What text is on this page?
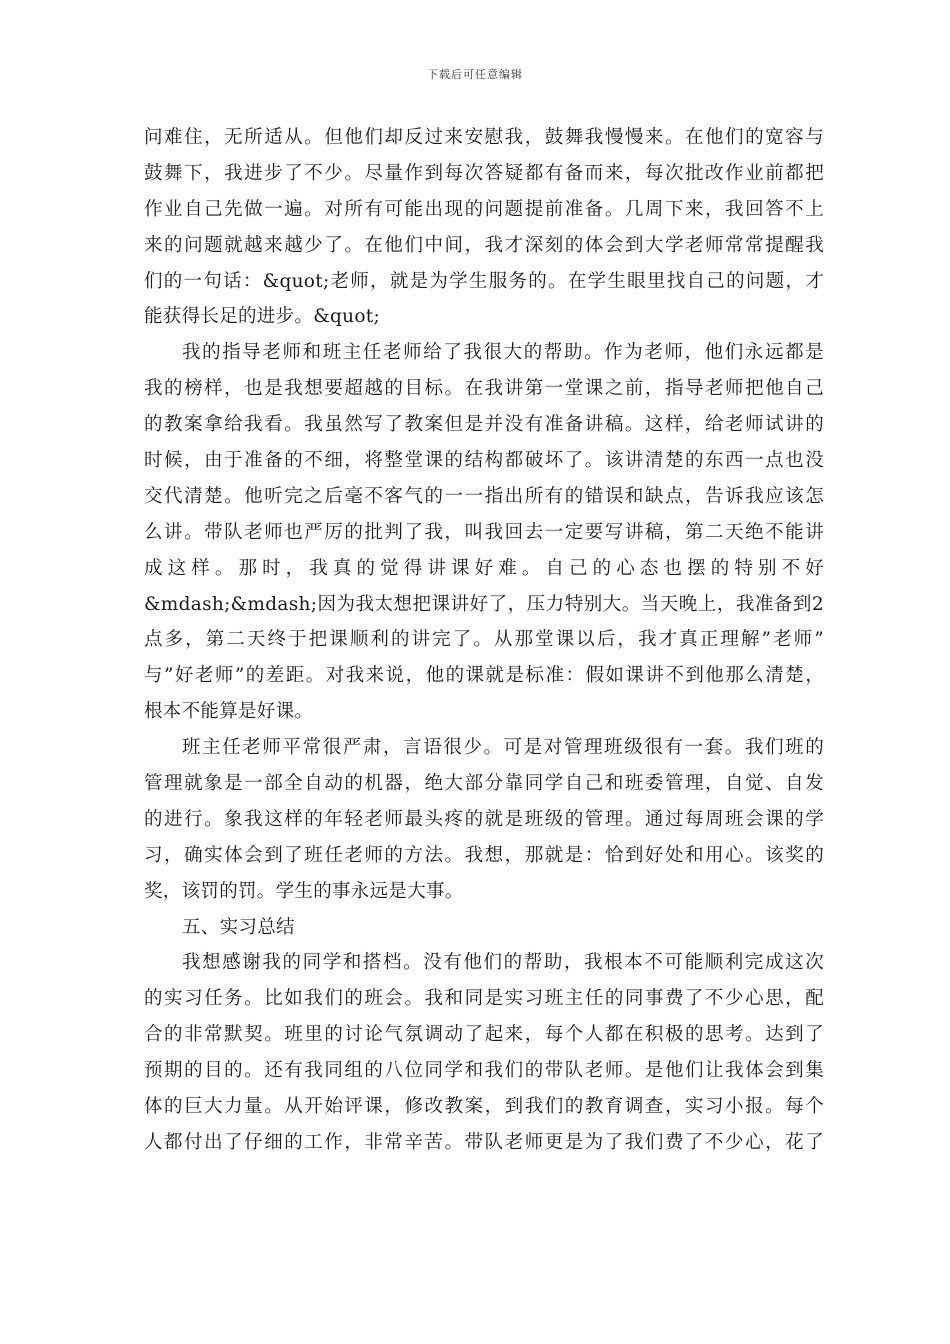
下载后可任意编辑
问难住，无所适从。但他们却反过来安慰我，鼓舞我慢慢来。在他们的宽容与
鼓舞下，我进步了不少。尽量作到每次答疑都有备而来，每次批改作业前都把
作业自己先做一遍。对所有可能出现的问题提前准备。几周下来，我回答不上
来的问题就越来越少了。在他们中间，我才深刻的体会到大学老师常常提醒我
们的一句话：&quot;老师，就是为学生服务的。在学生眼里找自己的问题，才
能获得长足的进步。&quot;
我的指导老师和班主任老师给了我很大的帮助。作为老师，他们永远都是
我的榜样，也是我想要超越的目标。在我讲第一堂课之前，指导老师把他自己
的教案拿给我看。我虽然写了教案但是并没有准备讲稿。这样，给老师试讲的
时候，由于准备的不细，将整堂课的结构都破坏了。该讲清楚的东西一点也没
交代清楚。他听完之后毫不客气的一一指出所有的错误和缺点，告诉我应该怎
么讲。带队老师也严厉的批判了我，叫我回去一定要写讲稿，第二天绝不能讲
成这样。那时，我真的觉得讲课好难。自己的心态也摆的特别不好
&mdash;&mdash;因为我太想把课讲好了，压力特别大。当天晚上，我准备到2
点多，第二天终于把课顺利的讲完了。从那堂课以后，我才真正理解”老师”
与”好老师”的差距。对我来说，他的课就是标准：假如课讲不到他那么清楚，
根本不能算是好课。
班主任老师平常很严肃，言语很少。可是对管理班级很有一套。我们班的
管理就象是一部全自动的机器，绝大部分靠同学自己和班委管理，自觉、自发
的进行。象我这样的年轻老师最头疼的就是班级的管理。通过每周班会课的学
习，确实体会到了班任老师的方法。我想，那就是：恰到好处和用心。该奖的
奖，该罚的罚。学生的事永远是大事。
五、实习总结
我想感谢我的同学和搭档。没有他们的帮助，我根本不可能顺利完成这次
的实习任务。比如我们的班会。我和同是实习班主任的同事费了不少心思，配
合的非常默契。班里的讨论气氛调动了起来，每个人都在积极的思考。达到了
预期的目的。还有我同组的八位同学和我们的带队老师。是他们让我体会到集
体的巨大力量。从开始评课，修改教案，到我们的教育调查，实习小报。每个
人都付出了仔细的工作，非常辛苦。带队老师更是为了我们费了不少心，花了
